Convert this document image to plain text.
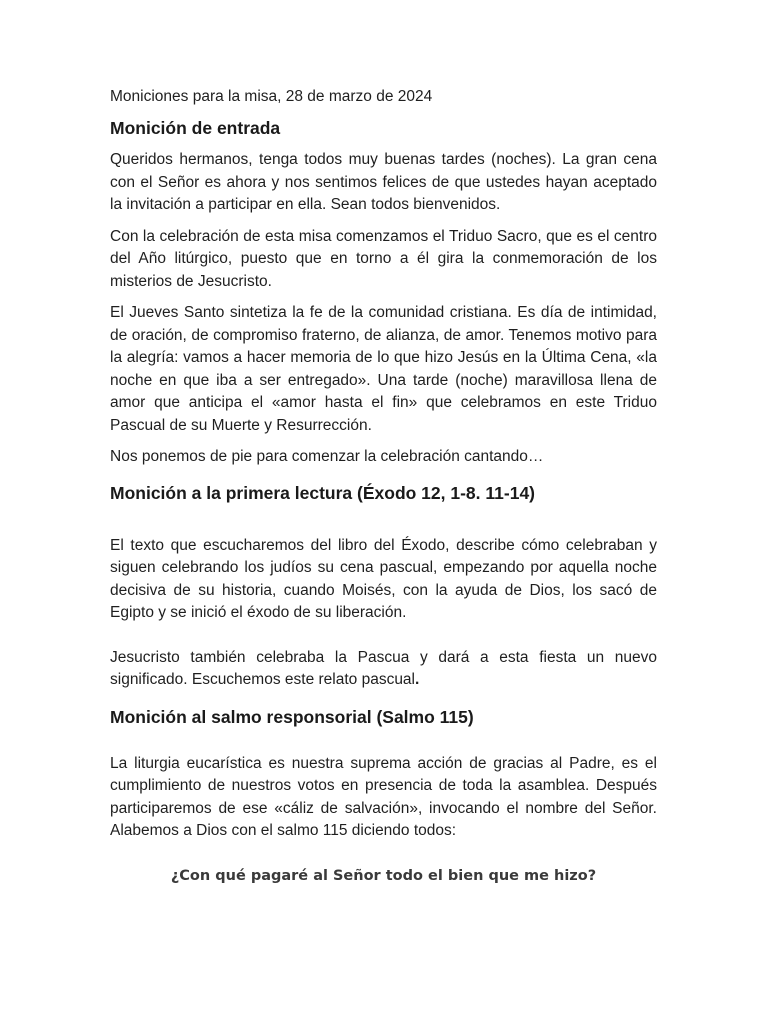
Moniciones para la misa, 28 de marzo de 2024
Monición de entrada

Queridos hermanos, tenga todos muy buenas tardes (noches). La gran cena con el Señor es ahora y nos sentimos felices de que ustedes hayan aceptado la invitación a participar en ella. Sean todos bienvenidos.

Con la celebración de esta misa comenzamos el Triduo Sacro, que es el centro del Año litúrgico, puesto que en torno a él gira la conmemoración de los misterios de Jesucristo.

El Jueves Santo sintetiza la fe de la comunidad cristiana. Es día de intimidad, de oración, de compromiso fraterno, de alianza, de amor. Tenemos motivo para la alegría: vamos a hacer memoria de lo que hizo Jesús en la Última Cena, «la noche en que iba a ser entregado». Una tarde (noche) maravillosa llena de amor que anticipa el «amor hasta el fin» que celebramos en este Triduo Pascual de su Muerte y Resurrección.

Nos ponemos de pie para comenzar la celebración cantando…

Monición a la primera lectura (Éxodo 12, 1-8. 11-14)

El texto que escucharemos del libro del Éxodo, describe cómo celebraban y siguen celebrando los judíos su cena pascual, empezando por aquella noche decisiva de su historia, cuando Moisés, con la ayuda de Dios, los sacó de Egipto y se inició el éxodo de su liberación.

Jesucristo también celebraba la Pascua y dará a esta fiesta un nuevo significado. Escuchemos este relato pascual.

Monición al salmo responsorial (Salmo 115)

La liturgia eucarística es nuestra suprema acción de gracias al Padre, es el cumplimiento de nuestros votos en presencia de toda la asamblea. Después participaremos de ese «cáliz de salvación», invocando el nombre del Señor. Alabemos a Dios con el salmo 115 diciendo todos:

¿Con qué pagaré al Señor todo el bien que me hizo?
